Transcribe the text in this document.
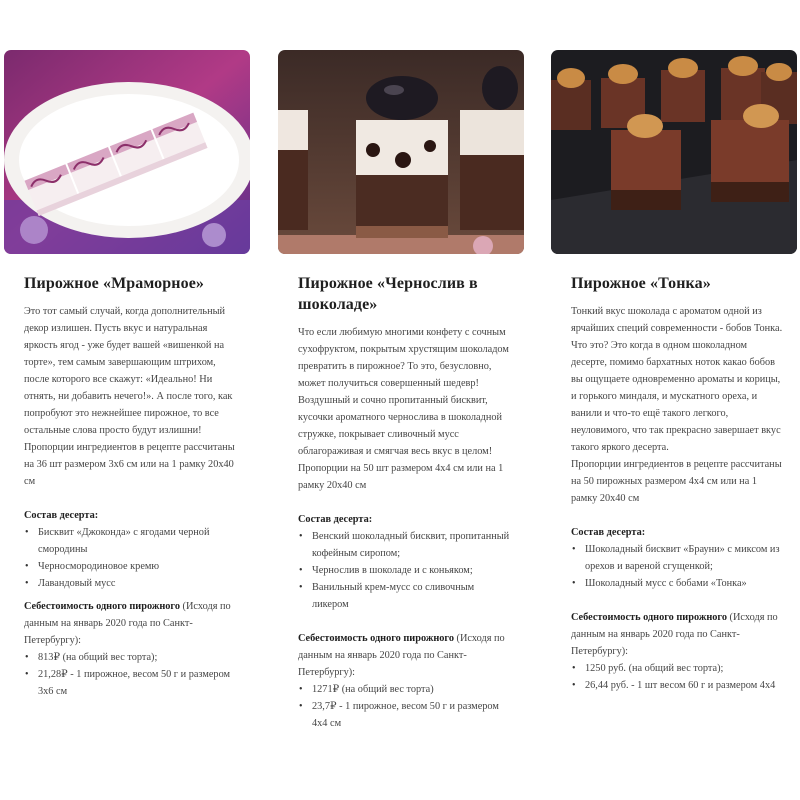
Пирожное «Мраморное»
Это тот самый случай, когда дополнительный декор излишен. Пусть вкус и натуральная яркость ягод - уже будет вашей «вишенкой на торте», тем самым завершающим штрихом, после которого все скажут: «Идеально! Ни отнять, ни добавить нечего!». А после того, как попробуют это нежнейшее пирожное, то все остальные слова просто будут излишни!
Пропорции ингредиентов в рецепте рассчитаны на 36 шт размером 3х6 см или на 1 рамку 20х40 см
Состав десерта:
• Бисквит «Джоконда» с ягодами черной смородины
• Черносмородиновое кремю
• Лавандовый мусс
Себестоимость одного пирожного (Исходя по данным на январь 2020 года по Санкт-Петербургу):
• 813₽ (на общий вес торта);
• 21,28₽ - 1 пирожное, весом 50 г и размером 3х6 см
Пирожное «Чернослив в шоколаде»
Что если любимую многими конфету с сочным сухофруктом, покрытым хрустящим шоколадом превратить в пирожное? То это, безусловно, может получиться совершенный шедевр! Воздушный и сочно пропитанный бисквит, кусочки ароматного чернослива в шоколадной стружке, покрывает сливочный мусс облагораживая и смягчая весь вкус в целом!
Пропорции на 50 шт размером 4х4 см или на 1 рамку 20х40 см
Состав десерта:
• Венский шоколадный бисквит, пропитанный кофейным сиропом;
• Чернослив в шоколаде и с коньяком;
• Ванильный крем-мусс со сливочным ликером
Себестоимость одного пирожного (Исходя по данным на январь 2020 года по Санкт-Петербургу):
• 1271₽ (на общий вес торта)
• 23,7₽ - 1 пирожное, весом 50 г и размером 4х4 см
Пирожное «Тонка»
Тонкий вкус шоколада с ароматом одной из ярчайших специй современности - бобов Тонка. Что это? Это когда в одном шоколадном десерте, помимо бархатных ноток какао бобов вы ощущаете одновременно ароматы и корицы, и горького миндаля, и мускатного ореха, и ванили и что-то ещё такого легкого, неуловимого, что так прекрасно завершает вкус такого яркого десерта.
Пропорции ингредиентов в рецепте рассчитаны на 50 пирожных размером 4х4 см или на 1 рамку 20х40 см
Состав десерта:
• Шоколадный бисквит «Брауни» с миксом из орехов и вареной сгущенкой;
• Шоколадный мусс с бобами «Тонка»
Себестоимость одного пирожного (Исходя по данным на январь 2020 года по Санкт-Петербургу):
• 1250 руб. (на общий вес торта);
• 26,44 руб. - 1 шт весом 60 г и размером 4х4
